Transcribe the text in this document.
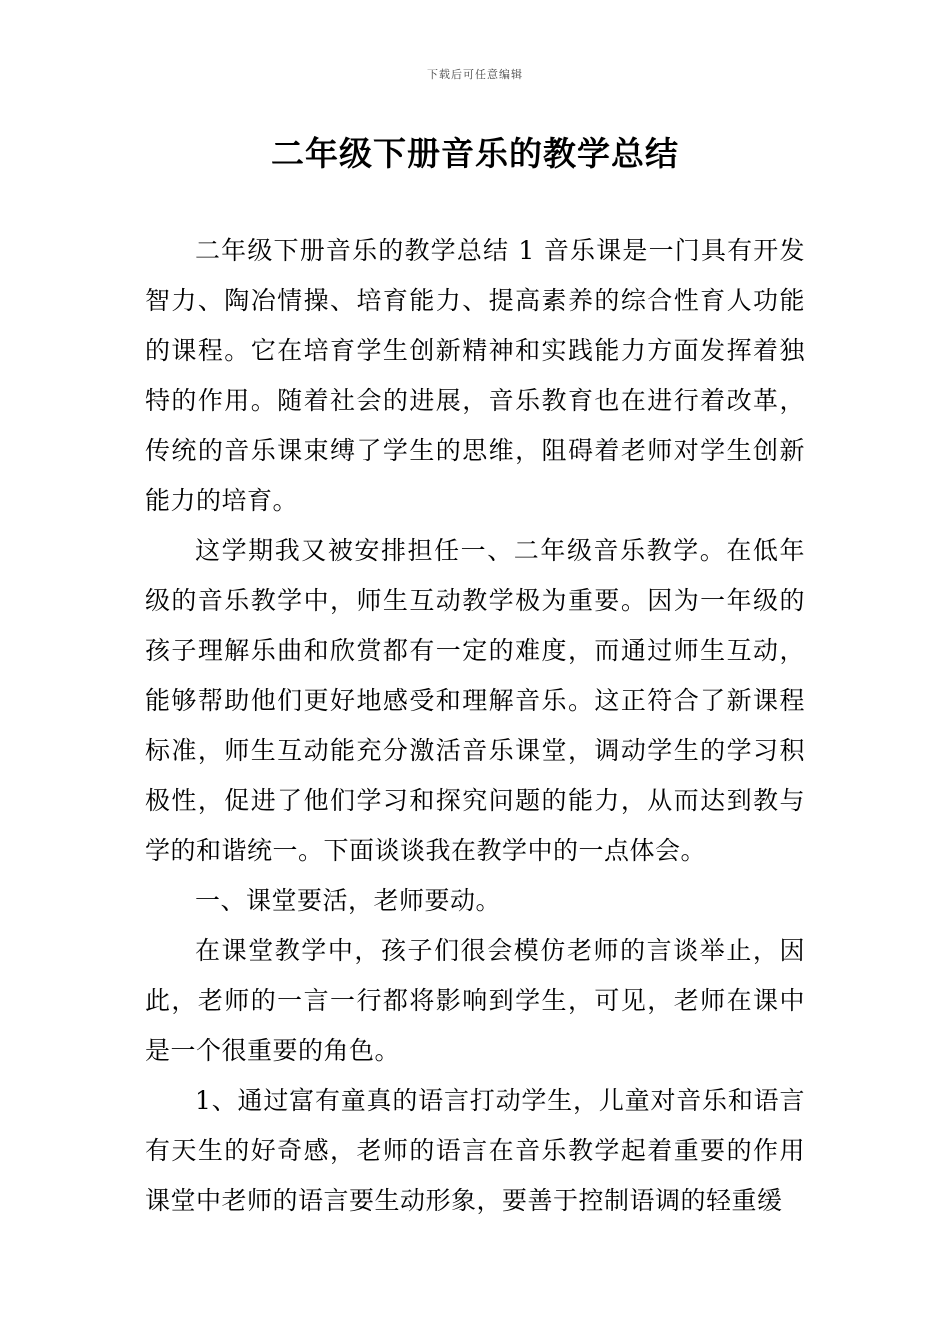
下载后可任意编辑
二年级下册音乐的教学总结

二年级下册音乐的教学总结 1 音乐课是一门具有开发智力、陶冶情操、培育能力、提高素养的综合性育人功能的课程。它在培育学生创新精神和实践能力方面发挥着独特的作用。随着社会的进展，音乐教育也在进行着改革，传统的音乐课束缚了学生的思维，阻碍着老师对学生创新能力的培育。

这学期我又被安排担任一、二年级音乐教学。在低年级的音乐教学中，师生互动教学极为重要。因为一年级的孩子理解乐曲和欣赏都有一定的难度，而通过师生互动，能够帮助他们更好地感受和理解音乐。这正符合了新课程标准，师生互动能充分激活音乐课堂，调动学生的学习积极性，促进了他们学习和探究问题的能力，从而达到教与学的和谐统一。下面谈谈我在教学中的一点体会。

一、课堂要活，老师要动。

在课堂教学中，孩子们很会模仿老师的言谈举止，因此，老师的一言一行都将影响到学生，可见，老师在课中是一个很重要的角色。

1、通过富有童真的语言打动学生，儿童对音乐和语言有天生的好奇感，老师的语言在音乐教学起着重要的作用课堂中老师的语言要生动形象，要善于控制语调的轻重缓
